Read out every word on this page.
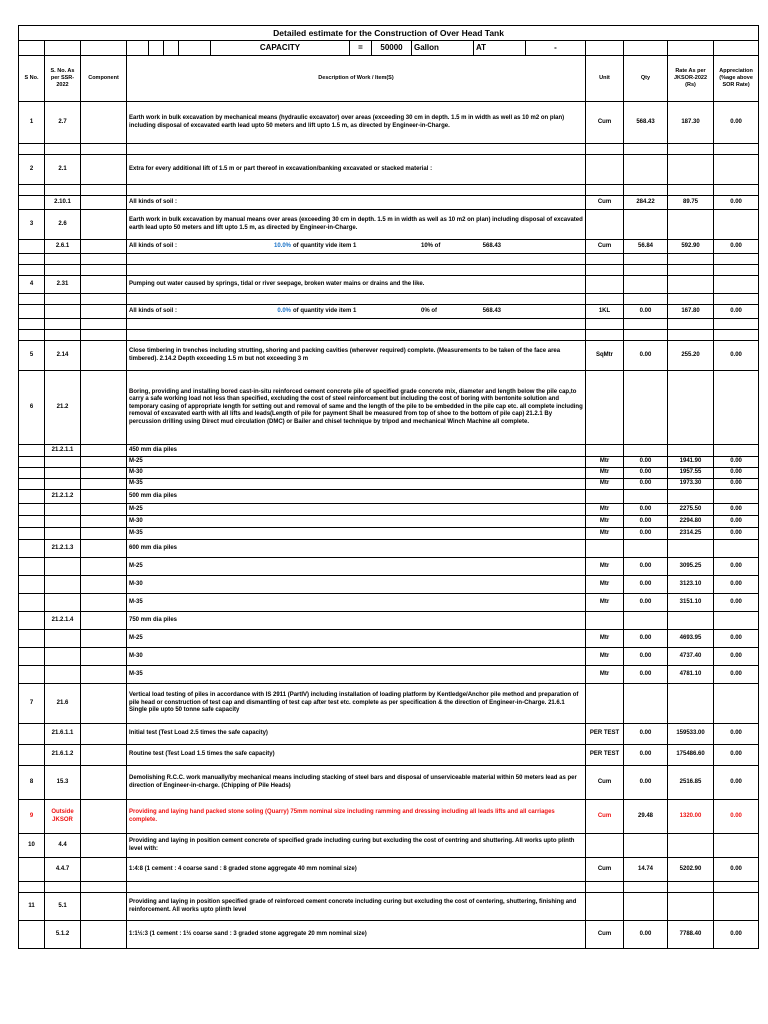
Detailed estimate for the Construction of Over Head Tank																	
							CAPACITY	=	50000	Gallon	AT	-					
S No.	S. No. As per SSR-2022	Component	Description of Work / Item(S)										Unit	Qty	Rate As per JKSOR-2022 (Rs)	Appreciation (%age above SOR Rate)		
1	2.7		Earth work in bulk excavation by mechanical means (hydraulic excavator) over areas (exceeding 30 cm in depth. 1.5 m in width as well as 10 m2 on plan) including disposal of excavated earth lead upto 50 meters and lift upto 1.5 m, as directed by Engineer-in-Charge.										Cum	568.43	187.30	0.00		

2	2.1		Extra for every additional lift of 1.5 m or part thereof in excavation/banking excavated or stacked material :														

	2.10.1		All kinds of soil :										Cum	284.22	89.75	0.00		
3	2.6		Earth work in bulk excavation by manual means over areas (exceeding 30 cm in depth. 1.5 m in width as well as 10 m2 on plan) including disposal of excavated earth lead upto 50 meters and lift upto 1.5 m, as directed by Engineer-in-Charge.														
	2.6.1		All kinds of soil : 10.0% of quantity vide item 1 10% of 568.43										Cum	56.84	592.90	0.00		

4	2.31		Pumping out water caused by springs, tidal or river seepage, broken water mains or drains and the like.														

			All kinds of soil : 0.0% of quantity vide item 1 0% of 568.43										1KL	0.00	167.80	0.00		

5	2.14		Close timbering in trenches including strutting, shoring and packing cavities (wherever required) complete. (Measurements to be taken of the face area timbered). 2.14.2 Depth exceeding 1.5 m but not exceeding 3 m										SqMtr	0.00	255.20	0.00		
6	21.2		Boring, providing and installing bored cast-in-situ reinforced cement concrete pile of specified grade concrete mix, diameter and length below the pile cap,to carry a safe working load not less than specified, excluding the cost of steel reinforcement but including the cost of boring with bentonite solution and temporary casing of appropriate length for setting out and removal of same and the length of the pile to be embedded in the pile cap etc. all complete including removal of excavated earth with all lifts and leads(Length of pile for payment Shall be measured from top of shoe to the bottom of pile cap) 21.2.1 By percussion drilling using Direct mud circulation (DMC) or Bailer and chisel technique by tripod and mechanical Winch Machine all complete.														
	21.2.1.1		450 mm dia piles														
			M-25										Mtr	0.00	1941.90	0.00		
			M-30										Mtr	0.00	1957.55	0.00		
			M-35										Mtr	0.00	1973.30	0.00		
	21.2.1.2		500 mm dia piles														
			M-25										Mtr	0.00	2275.50	0.00		
			M-30										Mtr	0.00	2294.80	0.00		
			M-35										Mtr	0.00	2314.25	0.00		
	21.2.1.3		600 mm dia piles														
			M-25										Mtr	0.00	3095.25	0.00		
			M-30										Mtr	0.00	3123.10	0.00		
			M-35										Mtr	0.00	3151.10	0.00		
	21.2.1.4		750 mm dia piles														
			M-25										Mtr	0.00	4693.95	0.00		
			M-30										Mtr	0.00	4737.40	0.00		
			M-35										Mtr	0.00	4781.10	0.00		
7	21.6		Vertical load testing of piles in accordance with IS 2911 (PartIV) including installation of loading platform by Kentledge/Anchor pile method and preparation of pile head or construction of test cap and dismantling of test cap after test etc. complete as per specification & the direction of Engineer-in-Charge. 21.6.1 Single pile upto 50 tonne safe capacity														
	21.6.1.1		Initial test (Test Load 2.5 times the safe capacity)										PER TEST	0.00	159533.00	0.00		
	21.6.1.2		Routine test (Test Load 1.5 times the safe capacity)										PER TEST	0.00	175486.60	0.00		
8	15.3		Demolishing R.C.C. work manually/by mechanical means including stacking of steel bars and disposal of unserviceable material within 50 meters lead as per direction of Engineer-in-charge. (Chipping of Pile Heads)										Cum	0.00	2516.85	0.00		
9	Outside JKSOR		Providing and laying hand packed stone soling (Quarry) 75mm nominal size including ramming and dressing including all leads lifts and all carriages complete.										Cum	29.48	1320.00	0.00		
10	4.4		Providing and laying in position cement concrete of specified grade including curing but excluding the cost of centring and shuttering. All works upto plinth level with:														
	4.4.7		1:4:8 (1 cement : 4 coarse sand : 8 graded stone aggregate 40 mm nominal size)										Cum	14.74	5202.90	0.00		

11	5.1		Providing and laying in position specified grade of reinforced cement concrete including curing but excluding the cost of centering, shuttering, finishing and reinforcement. All works upto plinth level														
	5.1.2		1:1½:3 (1 cement : 1½ coarse sand : 3 graded stone aggregate 20 mm nominal size)										Cum	0.00	7788.40	0.00		
